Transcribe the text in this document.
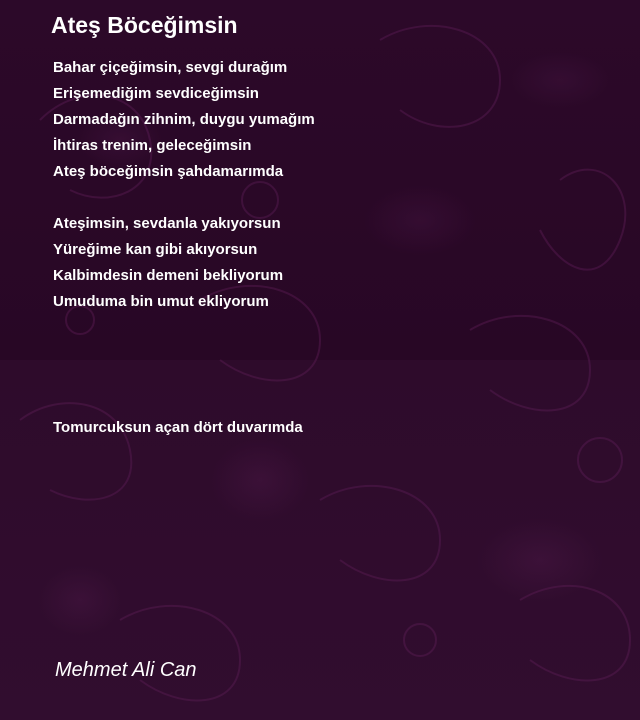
Ateş Böceğimsin
Bahar çiçeğimsin, sevgi durağım
Erişemediğim sevdiceğimsin
Darmadağın zihnim, duygu yumağım
İhtiras trenim, geleceğimsin
Ateş böceğimsin şahdamarımda
Ateşimsin, sevdanla yakıyorsun
Yüreğime kan gibi akıyorsun
Kalbimdesin demeni bekliyorum
Umuduma bin umut ekliyorum
Tomurcuksun açan dört duvarımda
Mehmet Ali Can
